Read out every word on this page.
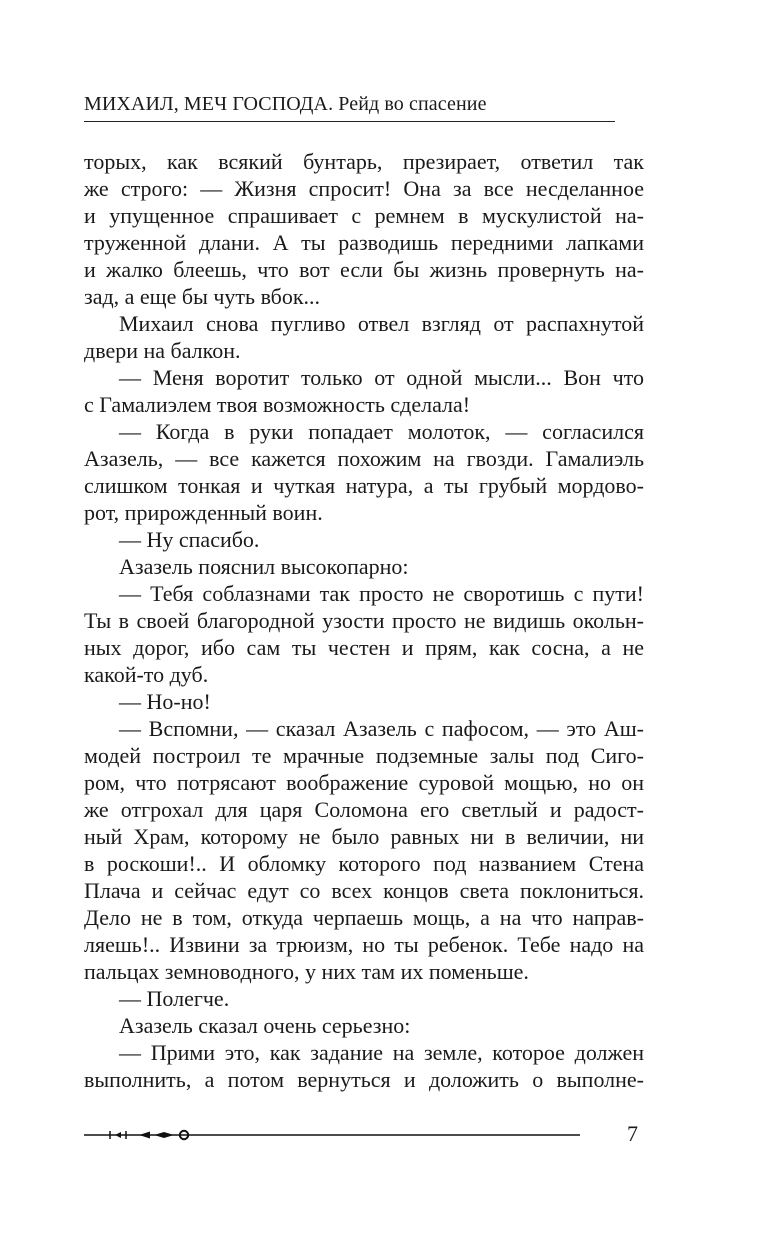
МИХАИЛ, МЕЧ ГОСПОДА. Рейд во спасение
торых, как всякий бунтарь, презирает, ответил так
же строго: — Жизня спросит! Она за все несделанное
и упущенное спрашивает с ремнем в мускулистой на-
труженной длани. А ты разводишь передними лапками
и жалко блеешь, что вот если бы жизнь провернуть на-
зад, а еще бы чуть вбок...
Михаил снова пугливо отвел взгляд от распахнутой
двери на балкон.
— Меня воротит только от одной мысли... Вон что
с Гамалиэлем твоя возможность сделала!
— Когда в руки попадает молоток, — согласился
Азазель, — все кажется похожим на гвозди. Гамалиэль
слишком тонкая и чуткая натура, а ты грубый мордово-
рот, прирожденный воин.
— Ну спасибо.
Азазель пояснил высокопарно:
— Тебя соблазнами так просто не своротишь с пути!
Ты в своей благородной узости просто не видишь окольн-
ных дорог, ибо сам ты честен и прям, как сосна, а не
какой-то дуб.
— Но-но!
— Вспомни, — сказал Азазель с пафосом, — это Аш-
модей построил те мрачные подземные залы под Сиго-
ром, что потрясают воображение суровой мощью, но он
же отгрохал для царя Соломона его светлый и радост-
ный Храм, которому не было равных ни в величии, ни
в роскоши!.. И обломку которого под названием Стена
Плача и сейчас едут со всех концов света поклониться.
Дело не в том, откуда черпаешь мощь, а на что направ-
ляешь!.. Извини за трюизм, но ты ребенок. Тебе надо на
пальцах земноводного, у них там их поменьше.
— Полегче.
Азазель сказал очень серьезно:
— Прими это, как задание на земле, которое должен
выполнить, а потом вернуться и доложить о выполне-
7
